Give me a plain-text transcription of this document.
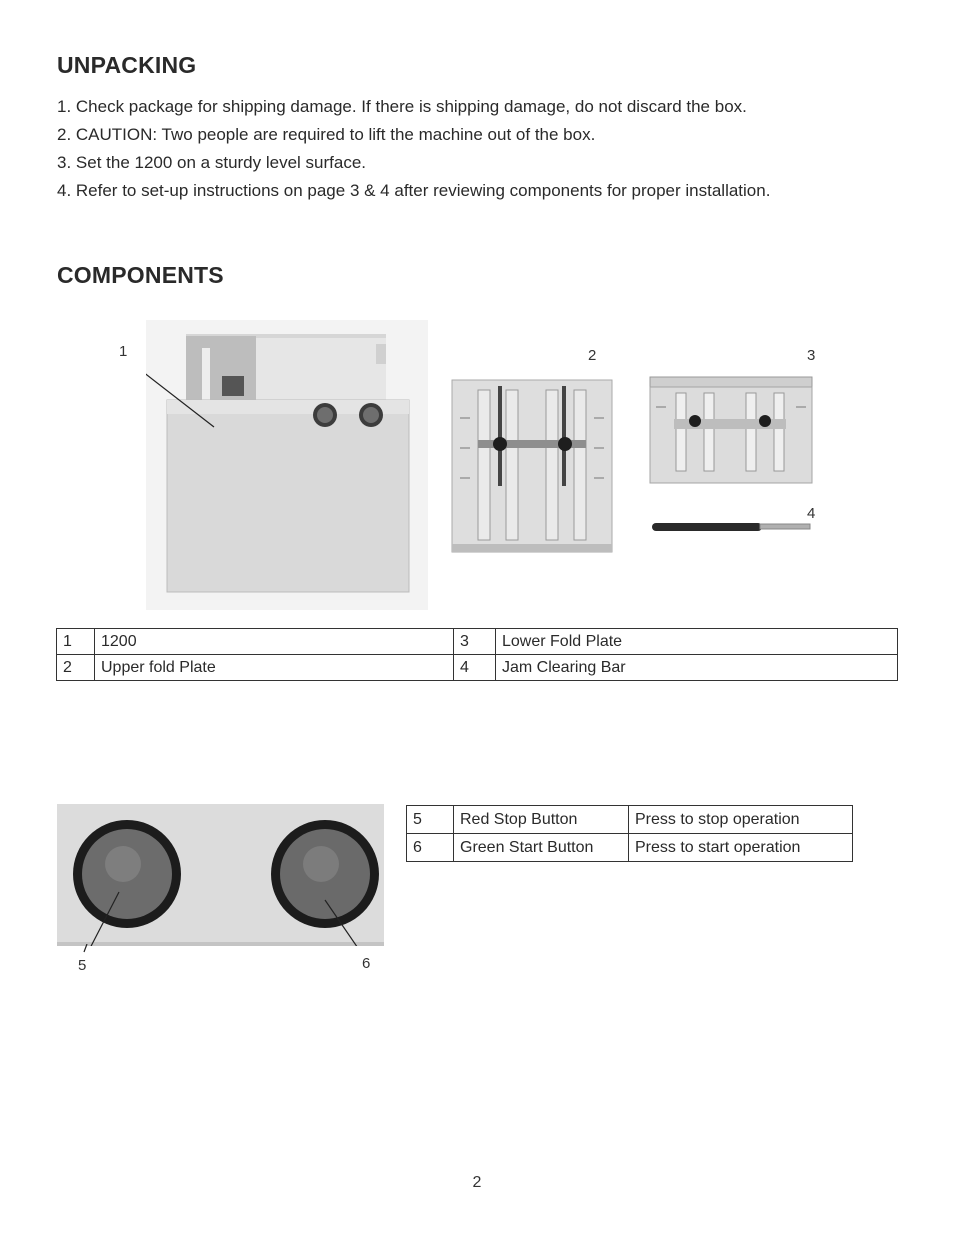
UNPACKING
1. Check package for shipping damage. If there is shipping damage, do not discard the box.
2. CAUTION: Two people are required to lift the machine out of the box.
3. Set the 1200 on a sturdy level surface.
4. Refer to set-up instructions on page 3 & 4 after reviewing components for proper installation.
COMPONENTS
1	2	3
4
1	1200	3	Lower Fold Plate
2	Upper fold Plate	4	Jam Clearing Bar
5	6
5	Red Stop Button	Press to stop operation
6	Green Start Button	Press to start operation
2
